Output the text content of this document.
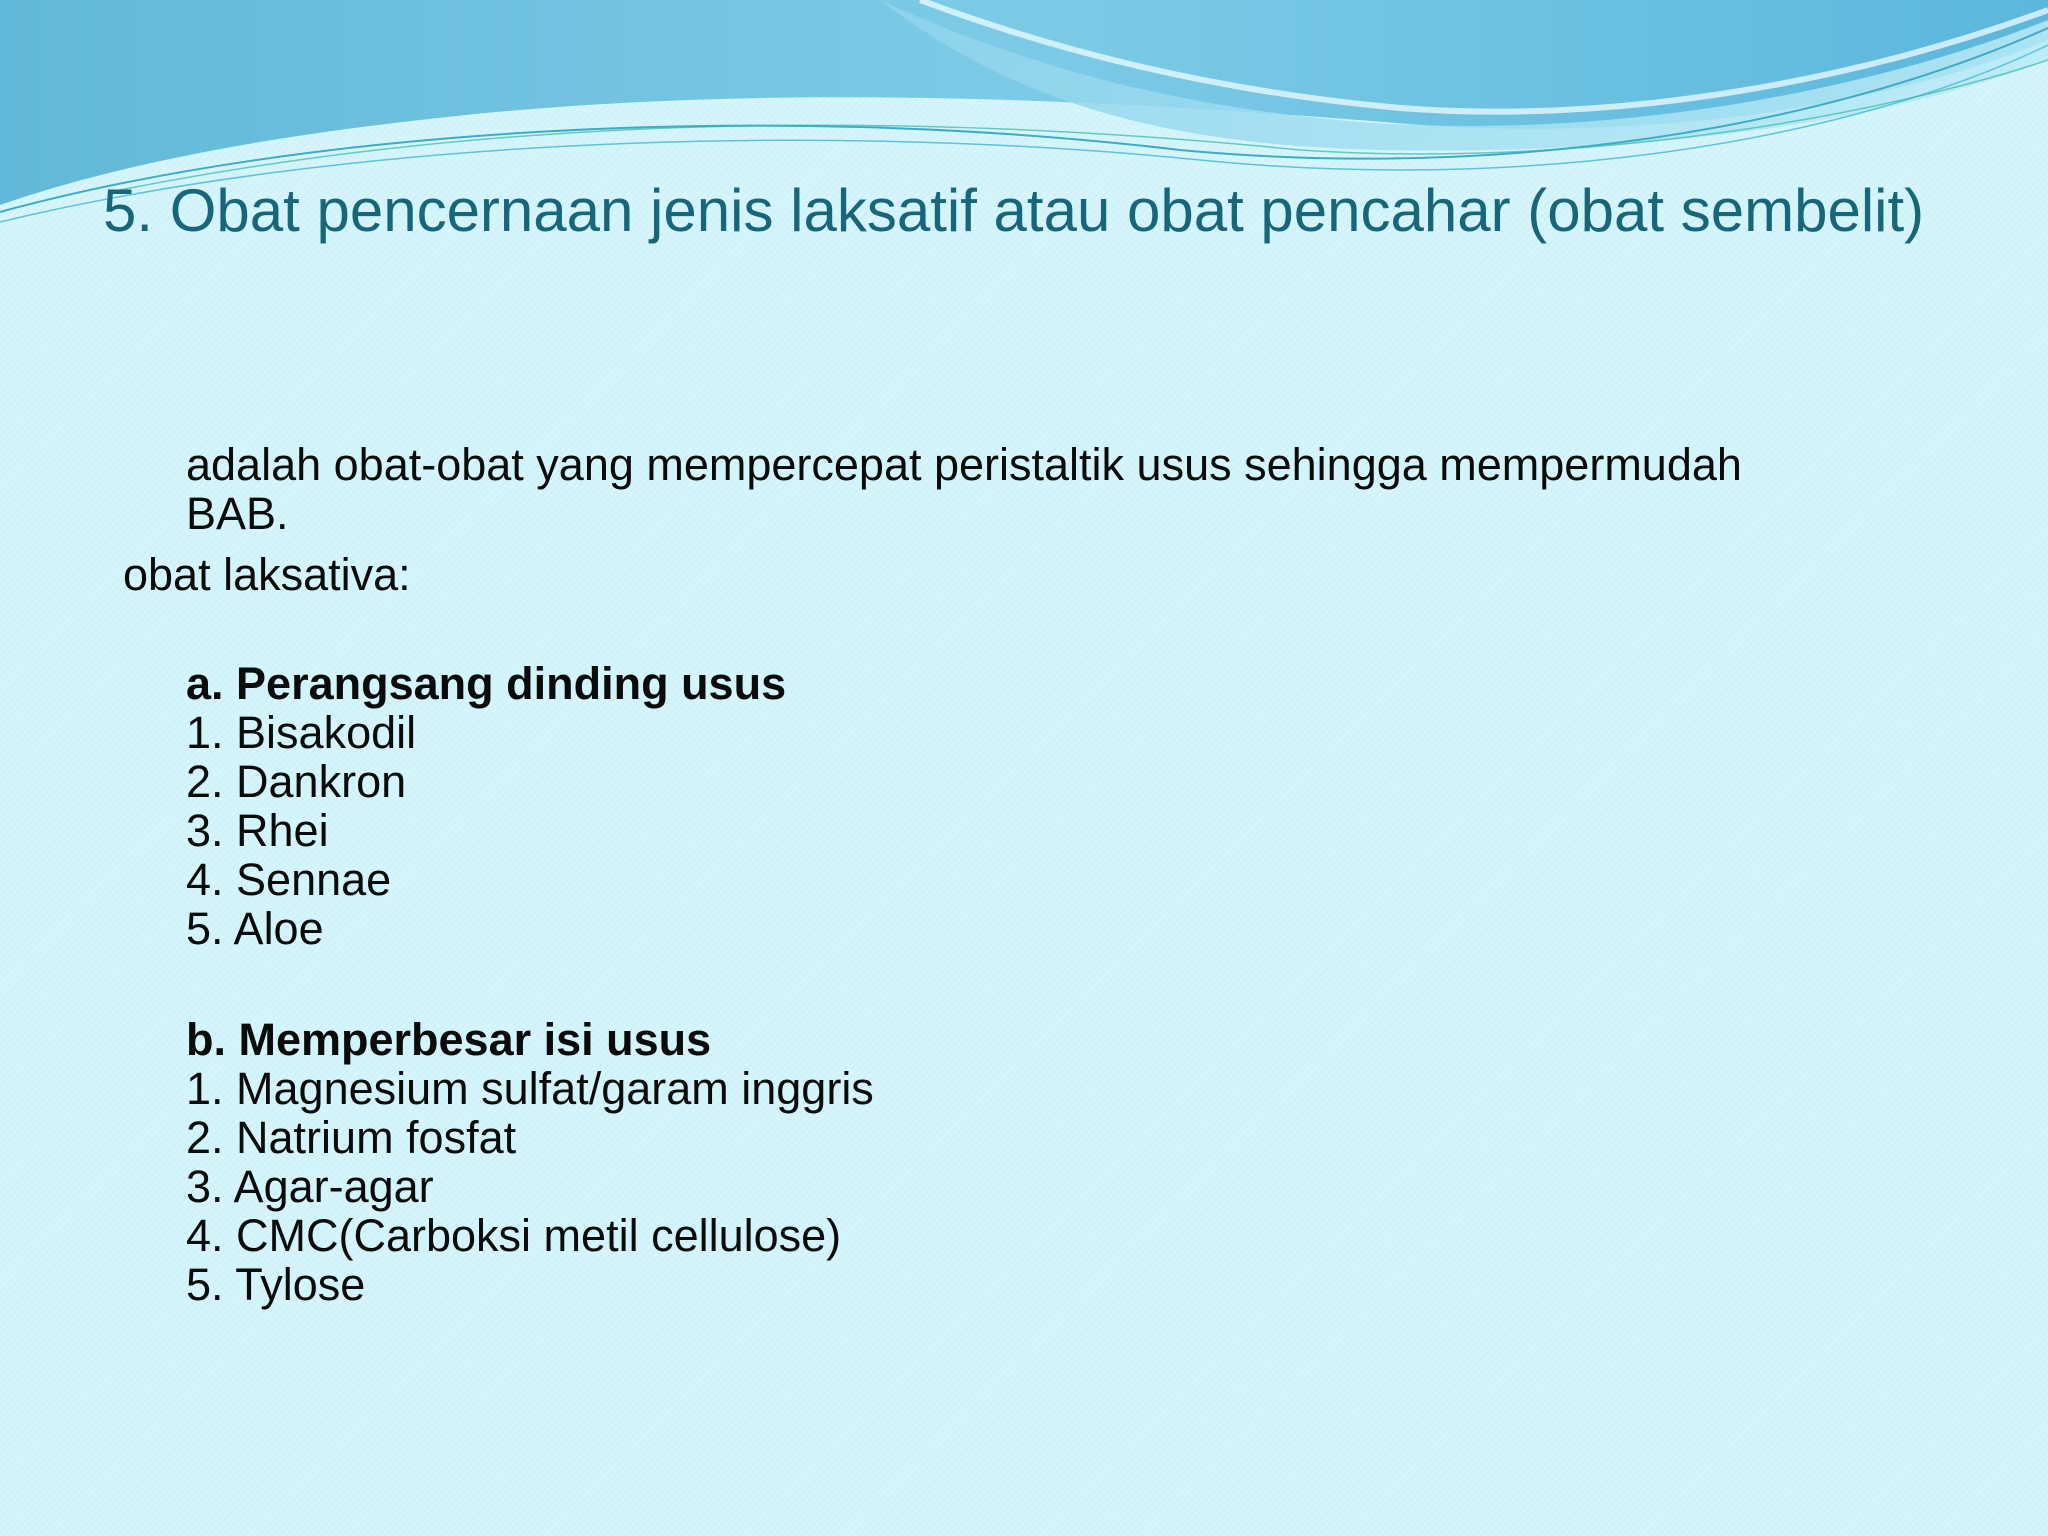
5. Obat pencernaan jenis laksatif atau obat pencahar (obat sembelit)
adalah obat-obat yang mempercepat peristaltik usus sehingga mempermudah BAB.
obat laksativa:
a. Perangsang dinding usus
1. Bisakodil
2. Dankron
3. Rhei
4. Sennae
5. Aloe
b. Memperbesar isi usus
1. Magnesium sulfat/garam inggris
2. Natrium fosfat
3. Agar-agar
4. CMC(Carboksi metil cellulose)
5. Tylose
